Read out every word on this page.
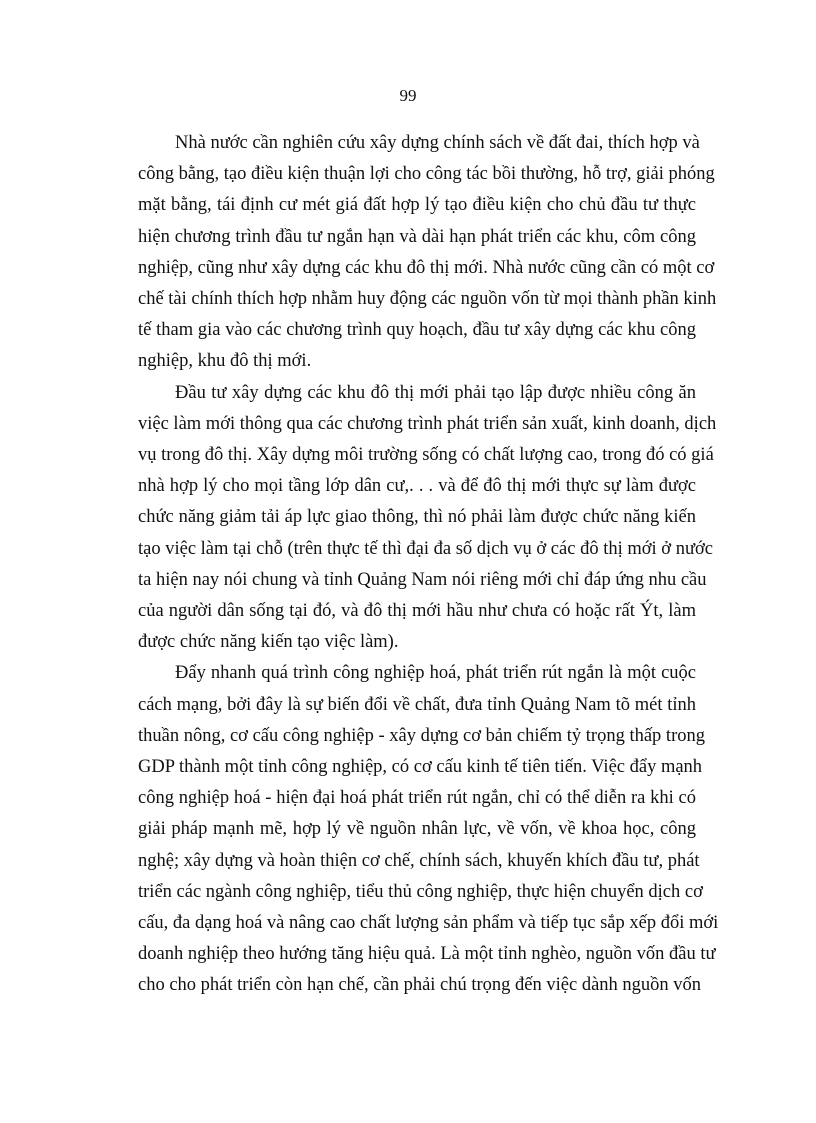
99

Nhà nước cần nghiên cứu xây dựng chính sách về đất đai, thích hợp và
công bằng, tạo điều kiện thuận lợi cho công tác bồi thường, hỗ trợ, giải phóng
mặt bằng, tái định cư mét giá đất hợp lý tạo điều kiện cho chủ đầu tư thực
hiện chương trình đầu tư ngắn hạn và dài hạn phát triển các khu, côm công
nghiệp, cũng như xây dựng các khu đô thị mới. Nhà nước cũng cần có một cơ
chế tài chính thích hợp nhằm huy động các nguồn vốn từ mọi thành phần kinh
tế tham gia vào các chương trình quy hoạch, đầu tư xây dựng các khu công
nghiệp, khu đô thị mới.

Đầu tư xây dựng các khu đô thị mới phải tạo lập được nhiều công ăn
việc làm mới thông qua các chương trình phát triển sản xuất, kinh doanh, dịch
vụ trong đô thị. Xây dựng môi trường sống có chất lượng cao, trong đó có giá
nhà hợp lý cho mọi tầng lớp dân cư,. . . và để đô thị mới thực sự làm được
chức năng giảm tải áp lực giao thông, thì nó phải làm được chức năng kiến
tạo việc làm tại chỗ (trên thực tế thì đại đa số dịch vụ ở các đô thị mới ở nước
ta hiện nay nói chung và tỉnh Quảng Nam nói riêng mới chỉ đáp ứng nhu cầu
của người dân sống tại đó, và đô thị mới hầu như chưa có hoặc rất Ýt, làm
được chức năng kiến tạo việc làm).

Đẩy nhanh quá trình công nghiệp hoá, phát triển rút ngắn là một cuộc
cách mạng, bởi đây là sự biến đổi về chất, đưa tỉnh Quảng Nam tõ mét tỉnh
thuần nông, cơ cấu công nghiệp - xây dựng cơ bản chiếm tỷ trọng thấp trong
GDP thành một tỉnh công nghiệp, có cơ cấu kinh tế tiên tiến. Việc đẩy mạnh
công nghiệp hoá - hiện đại hoá phát triển rút ngắn, chỉ có thể diễn ra khi có
giải pháp mạnh mẽ, hợp lý về nguồn nhân lực, về vốn, về khoa học, công
nghệ; xây dựng và hoàn thiện cơ chế, chính sách, khuyến khích đầu tư, phát
triển các ngành công nghiệp, tiểu thủ công nghiệp, thực hiện chuyển dịch cơ
cấu, đa dạng hoá và nâng cao chất lượng sản phẩm và tiếp tục sắp xếp đổi mới
doanh nghiệp theo hướng tăng hiệu quả. Là một tỉnh nghèo, nguồn vốn đầu tư
cho cho phát triển còn hạn chế, cần phải chú trọng đến việc dành nguồn vốn
